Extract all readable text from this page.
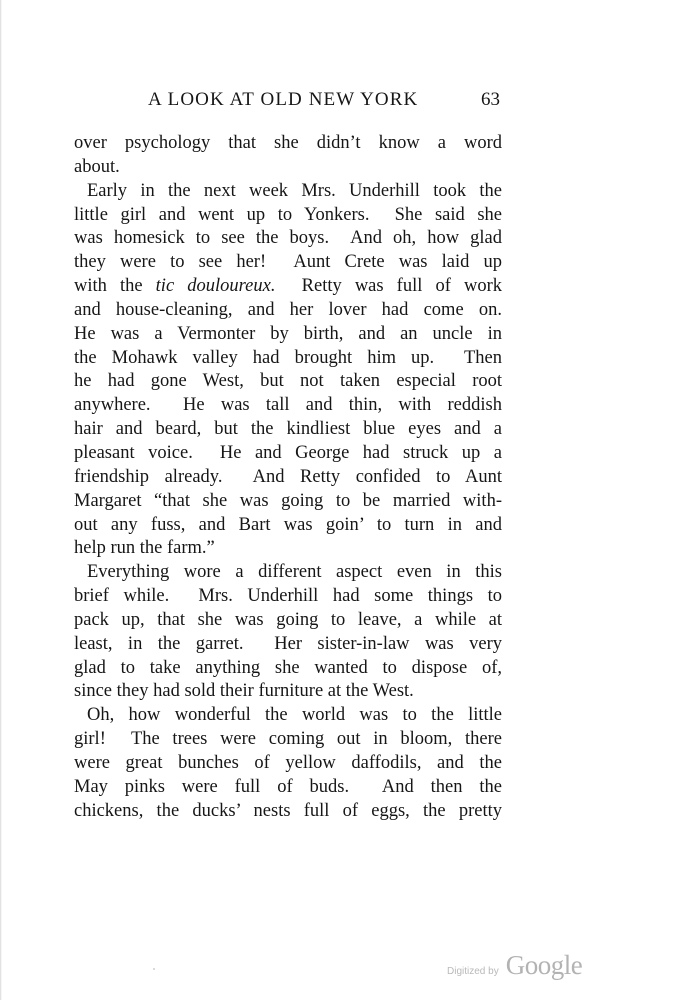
A LOOK AT OLD NEW YORK	63
over psychology that she didn’t know a word
about.
Early in the next week Mrs. Underhill took the
little girl and went up to Yonkers.  She said she
was homesick to see the boys.  And oh, how glad
they were to see her!  Aunt Crete was laid up
with the tic douloureux.  Retty was full of work
and house-cleaning, and her lover had come on.
He was a Vermonter by birth, and an uncle in
the Mohawk valley had brought him up.  Then
he had gone West, but not taken especial root
anywhere.  He was tall and thin, with reddish
hair and beard, but the kindliest blue eyes and a
pleasant voice.  He and George had struck up a
friendship already.  And Retty confided to Aunt
Margaret “that she was going to be married with-
out any fuss, and Bart was goin’ to turn in and
help run the farm.”
Everything wore a different aspect even in this
brief while.  Mrs. Underhill had some things to
pack up, that she was going to leave, a while at
least, in the garret.  Her sister-in-law was very
glad to take anything she wanted to dispose of,
since they had sold their furniture at the West.
Oh, how wonderful the world was to the little
girl!  The trees were coming out in bloom, there
were great bunches of yellow daffodils, and the
May pinks were full of buds.  And then the
chickens, the ducks’ nests full of eggs, the pretty
Digitized by Google
